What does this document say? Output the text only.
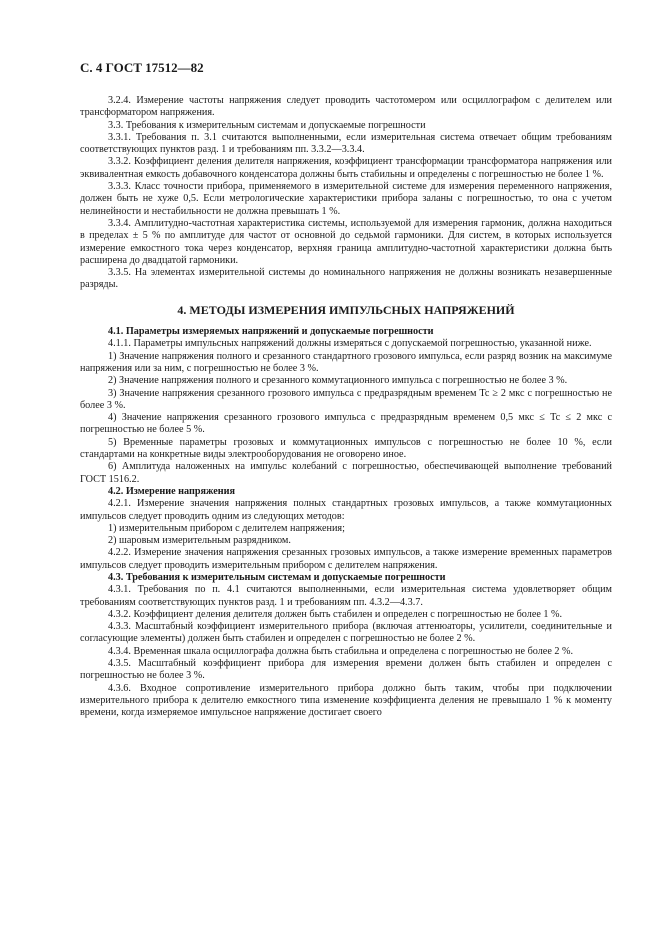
С. 4 ГОСТ 17512—82

3.2.4. Измерение частоты напряжения следует проводить частотомером или осциллографом с делителем или трансформатором напряжения.

3.3. Требования к измерительным системам и допускаемые погрешности

3.3.1. Требования п. 3.1 считаются выполненными, если измерительная система отвечает общим требованиям соответствующих пунктов разд. 1 и требованиям пп. 3.3.2—3.3.4.

3.3.2. Коэффициент деления делителя напряжения, коэффициент трансформации трансформатора напряжения или эквивалентная емкость добавочного конденсатора должны быть стабильны и определены с погрешностью не более 1 %.

3.3.3. Класс точности прибора, применяемого в измерительной системе для измерения переменного напряжения, должен быть не хуже 0,5. Если метрологические характеристики прибора заланы с погрешностью, то она с учетом нелинейности и нестабильности не должна превышать 1 %.

3.3.4. Амплитудно-частотная характеристика системы, используемой для измерения гармоник, должна находиться в пределах ± 5 % по амплитуде для частот от основной до седьмой гармоники. Для систем, в которых используется измерение емкостного тока через конденсатор, верхняя граница амплитудно-частотной характеристики должна быть расширена до двадцатой гармоники.

3.3.5. На элементах измерительной системы до номинального напряжения не должны возникать незавершенные разряды.

4. МЕТОДЫ ИЗМЕРЕНИЯ ИМПУЛЬСНЫХ НАПРЯЖЕНИЙ

4.1. Параметры измеряемых напряжений и допускаемые погрешности

4.1.1. Параметры импульсных напряжений должны измеряться с допускаемой погрешностью, указанной ниже.

1) Значение напряжения полного и срезанного стандартного грозового импульса, если разряд возник на максимуме напряжения или за ним, с погрешностью не более 3 %.

2) Значение напряжения полного и срезанного коммутационного импульса с погрешностью не более 3 %.

3) Значение напряжения срезанного грозового импульса с предразрядным временем Tc ≥ 2 мкс с погрешностью не более 3 %.

4) Значение напряжения срезанного грозового импульса с предразрядным временем 0,5 мкс ≤ Tc ≤ 2 мкс с погрешностью не более 5 %.

5) Временные параметры грозовых и коммутационных импульсов с погрешностью не более 10 %, если стандартами на конкретные виды электрооборудования не оговорено иное.

6) Амплитуда наложенных на импульс колебаний с погрешностью, обеспечивающей выполнение требований ГОСТ 1516.2.

4.2. Измерение напряжения

4.2.1. Измерение значения напряжения полных стандартных грозовых импульсов, а также коммутационных импульсов следует проводить одним из следующих методов:

1) измерительным прибором с делителем напряжения;

2) шаровым измерительным разрядником.

4.2.2. Измерение значения напряжения срезанных грозовых импульсов, а также измерение временных параметров импульсов следует проводить измерительным прибором с делителем напряжения.

4.3. Требования к измерительным системам и допускаемые погрешности

4.3.1. Требования по п. 4.1 считаются выполненными, если измерительная система удовлетворяет общим требованиям соответствующих пунктов разд. 1 и требованиям пп. 4.3.2—4.3.7.

4.3.2. Коэффициент деления делителя должен быть стабилен и определен с погрешностью не более 1 %.

4.3.3. Масштабный коэффициент измерительного прибора (включая аттенюаторы, усилители, соединительные и согласующие элементы) должен быть стабилен и определен с погрешностью не более 2 %.

4.3.4. Временная шкала осциллографа должна быть стабильна и определена с погрешностью не более 2 %.

4.3.5. Масштабный коэффициент прибора для измерения времени должен быть стабилен и определен с погрешностью не более 3 %.

4.3.6. Входное сопротивление измерительного прибора должно быть таким, чтобы при подключении измерительного прибора к делителю емкостного типа изменение коэффициента деления не превышало 1 % к моменту времени, когда измеряемое импульсное напряжение достигает своего
